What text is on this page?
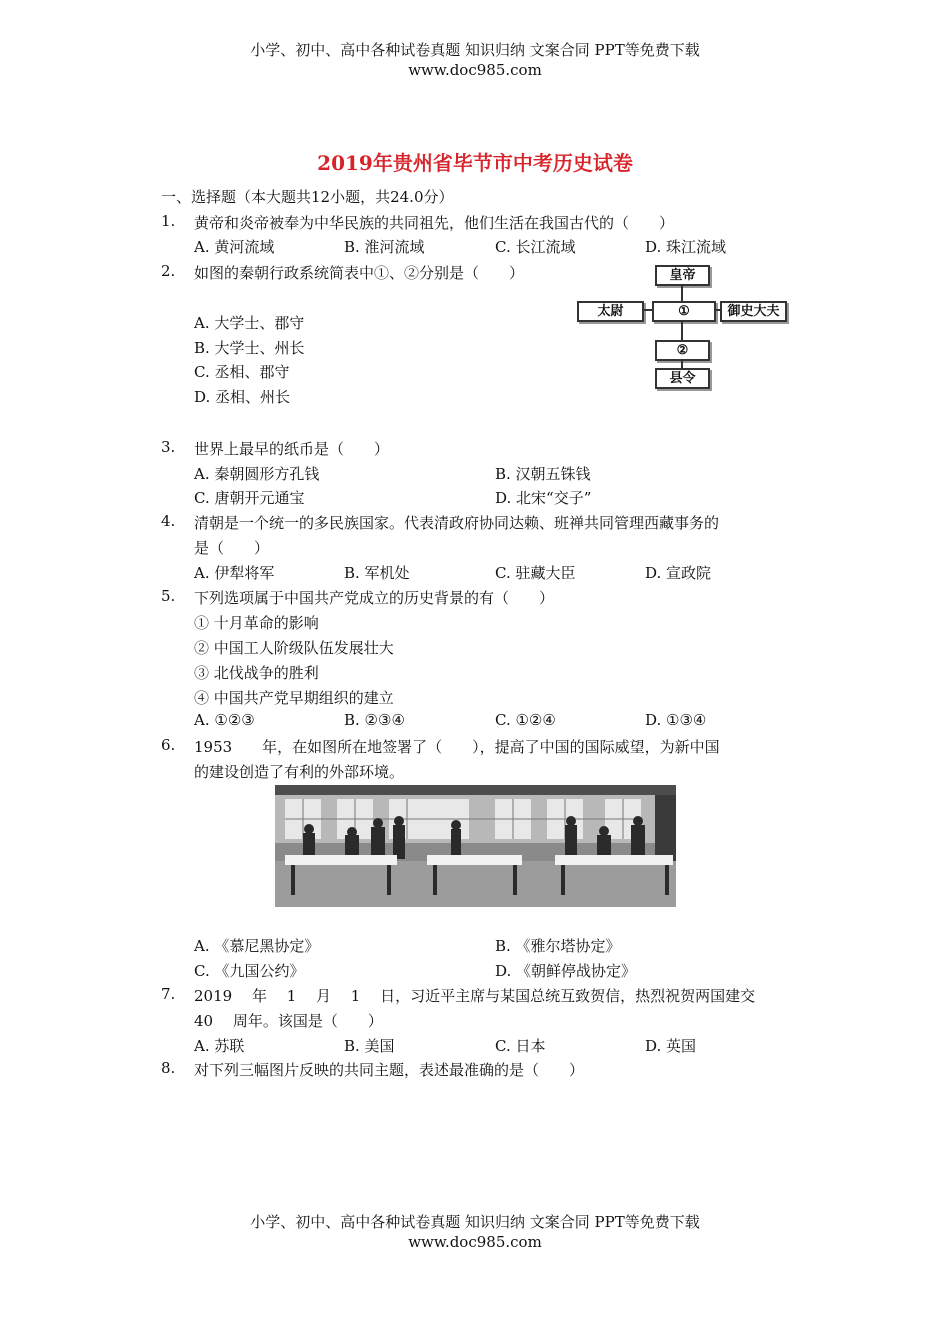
小学、初中、高中各种试卷真题 知识归纳 文案合同 PPT等免费下载
www.doc985.com
2019年贵州省毕节市中考历史试卷
一、选择题（本大题共12小题，共24.0分）
1. 黄帝和炎帝被奉为中华民族的共同祖先，他们生活在我国古代的（　　）
A. 黄河流域	B. 淮河流域	C. 长江流域	D. 珠江流域
2. 如图的秦朝行政系统简表中①、②分别是（　　）
A. 大学士、郡守
B. 大学士、州长
C. 丞相、郡守
D. 丞相、州长
皇帝
太尉	①	御史大夫
②
县令
3. 世界上最早的纸币是（　　）
A. 秦朝圆形方孔钱	B. 汉朝五铢钱
C. 唐朝开元通宝	D. 北宋“交子”
4. 清朝是一个统一的多民族国家。代表清政府协同达赖、班禅共同管理西藏事务的
是（　　）
A. 伊犁将军	B. 军机处	C. 驻藏大臣	D. 宣政院
5. 下列选项属于中国共产党成立的历史背景的有（　　）
① 十月革命的影响
② 中国工人阶级队伍发展壮大
③ 北伐战争的胜利
④ 中国共产党早期组织的建立
A. ①②③	B. ②③④	C. ①②④	D. ①③④
6. 1953　　年，在如图所在地签署了（　　），提高了中国的国际威望，为新中国
的建设创造了有利的外部环境。
A. 《慕尼黑协定》	B. 《雅尔塔协定》
C. 《九国公约》	D. 《朝鲜停战协定》
7. 2019　 年　 1　 月　 1　 日，习近平主席与某国总统互致贺信，热烈祝贺两国建交
40　 周年。该国是（　　）
A. 苏联	B. 美国	C. 日本	D. 英国
8. 对下列三幅图片反映的共同主题，表述最准确的是（　　）
小学、初中、高中各种试卷真题 知识归纳 文案合同 PPT等免费下载
www.doc985.com
